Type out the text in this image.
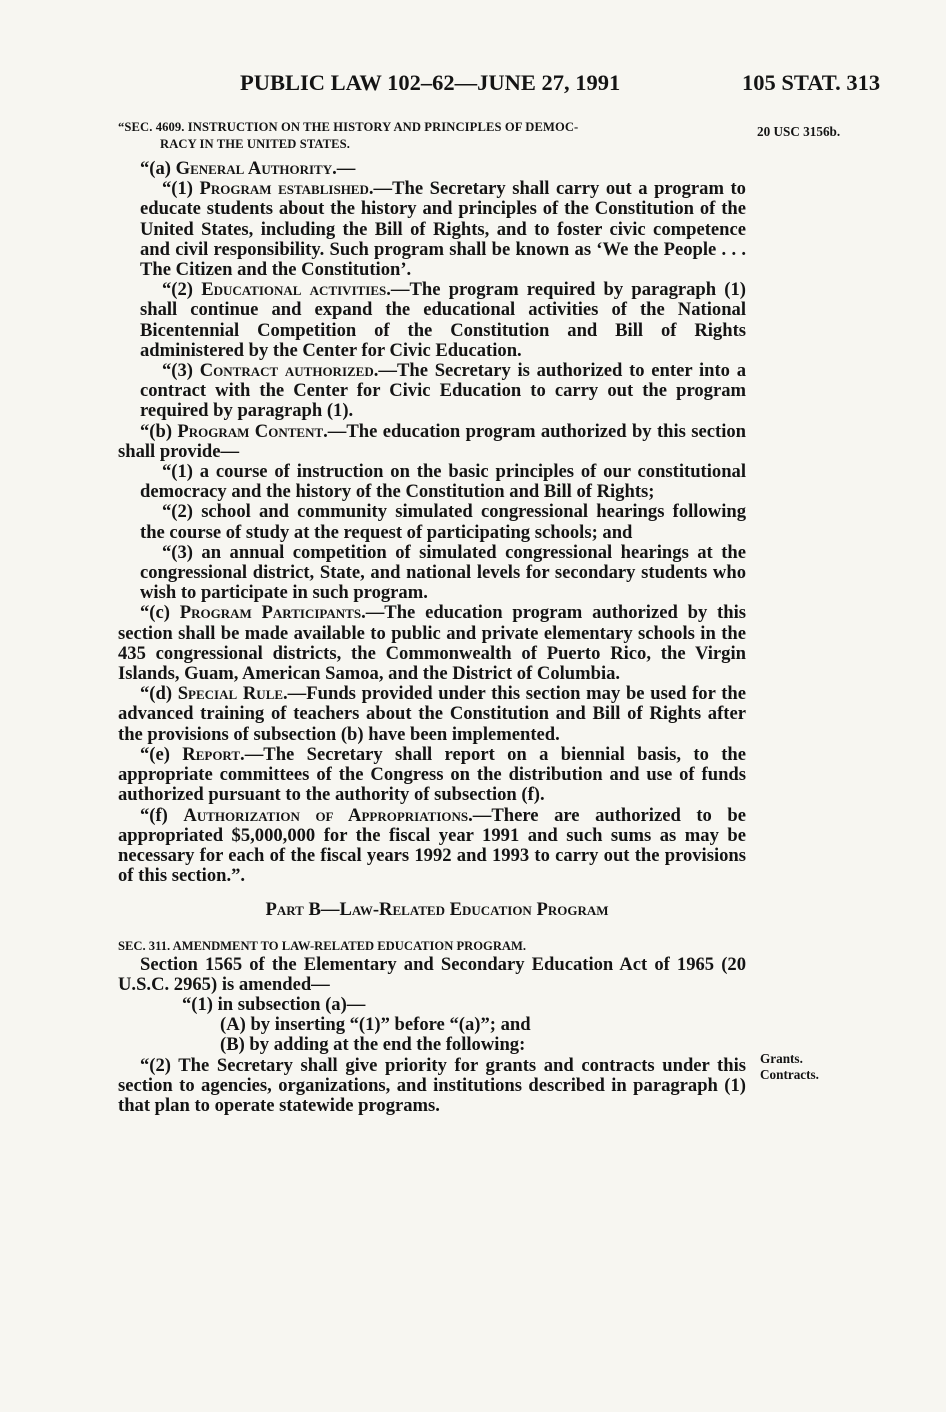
PUBLIC LAW 102–62—JUNE 27, 1991	105 STAT. 313
20 USC 3156b.
Grants.
Contracts.

“SEC. 4609. INSTRUCTION ON THE HISTORY AND PRINCIPLES OF DEMOC-
RACY IN THE UNITED STATES.

“(a) General Authority.—

“(1) Program established.—The Secretary shall carry out a program to educate students about the history and principles of the Constitution of the United States, including the Bill of Rights, and to foster civic competence and civil responsibility. Such program shall be known as ‘We the People . . . The Citizen and the Constitution’.

“(2) Educational activities.—The program required by paragraph (1) shall continue and expand the educational activities of the National Bicentennial Competition of the Constitution and Bill of Rights administered by the Center for Civic Education.

“(3) Contract authorized.—The Secretary is authorized to enter into a contract with the Center for Civic Education to carry out the program required by paragraph (1).

“(b) Program Content.—The education program authorized by this section shall provide—

“(1) a course of instruction on the basic principles of our constitutional democracy and the history of the Constitution and Bill of Rights;

“(2) school and community simulated congressional hearings following the course of study at the request of participating schools; and

“(3) an annual competition of simulated congressional hearings at the congressional district, State, and national levels for secondary students who wish to participate in such program.

“(c) Program Participants.—The education program authorized by this section shall be made available to public and private elementary schools in the 435 congressional districts, the Commonwealth of Puerto Rico, the Virgin Islands, Guam, American Samoa, and the District of Columbia.

“(d) Special Rule.—Funds provided under this section may be used for the advanced training of teachers about the Constitution and Bill of Rights after the provisions of subsection (b) have been implemented.

“(e) Report.—The Secretary shall report on a biennial basis, to the appropriate committees of the Congress on the distribution and use of funds authorized pursuant to the authority of subsection (f).

“(f) Authorization of Appropriations.—There are authorized to be appropriated $5,000,000 for the fiscal year 1991 and such sums as may be necessary for each of the fiscal years 1992 and 1993 to carry out the provisions of this section.”.

Part B—Law-Related Education Program

SEC. 311. AMENDMENT TO LAW-RELATED EDUCATION PROGRAM.

Section 1565 of the Elementary and Secondary Education Act of 1965 (20 U.S.C. 2965) is amended—

“(1) in subsection (a)—

(A) by inserting “(1)” before “(a)”; and

(B) by adding at the end the following:

“(2) The Secretary shall give priority for grants and contracts under this section to agencies, organizations, and institutions described in paragraph (1) that plan to operate statewide programs.
